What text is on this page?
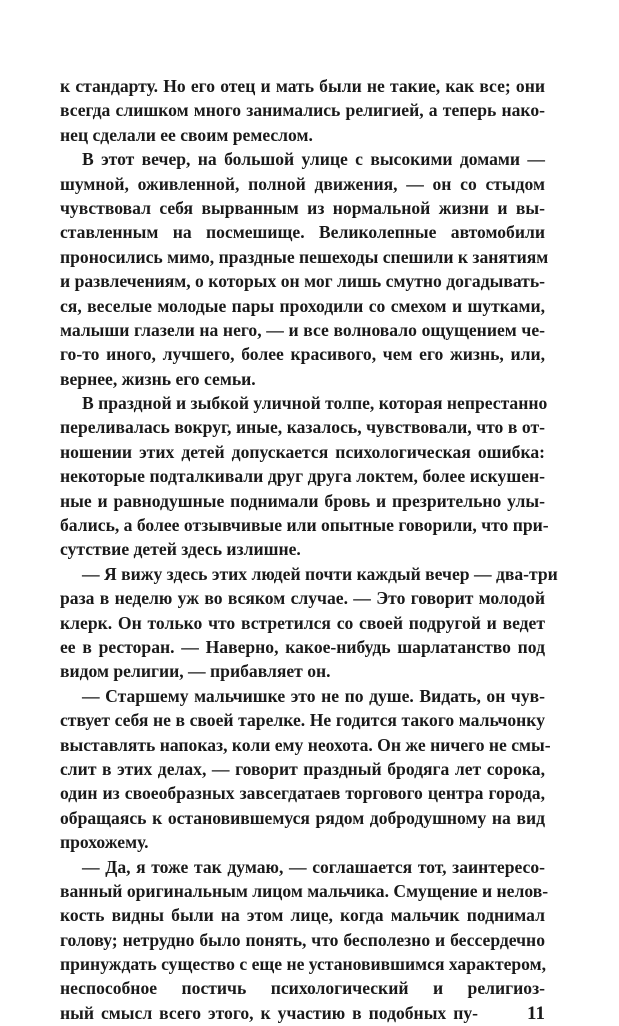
к стандарту. Но его отец и мать были не такие, как все; они
всегда слишком много занимались религией, а теперь нако-
нец сделали ее своим ремеслом.
В этот вечер, на большой улице с высокими домами —
шумной, оживленной, полной движения, — он со стыдом
чувствовал себя вырванным из нормальной жизни и вы-
ставленным на посмешище. Великолепные автомобили
проносились мимо, праздные пешеходы спешили к занятиям
и развлечениям, о которых он мог лишь смутно догадывать-
ся, веселые молодые пары проходили со смехом и шутками,
малыши глазели на него, — и все волновало ощущением че-
го-то иного, лучшего, более красивого, чем его жизнь, или,
вернее, жизнь его семьи.
В праздной и зыбкой уличной толпе, которая непрестанно
переливалась вокруг, иные, казалось, чувствовали, что в от-
ношении этих детей допускается психологическая ошибка:
некоторые подталкивали друг друга локтем, более искушен-
ные и равнодушные поднимали бровь и презрительно улы-
бались, а более отзывчивые или опытные говорили, что при-
сутствие детей здесь излишне.
— Я вижу здесь этих людей почти каждый вечер — два-три
раза в неделю уж во всяком случае. — Это говорит молодой
клерк. Он только что встретился со своей подругой и ведет
ее в ресторан. — Наверно, какое-нибудь шарлатанство под
видом религии, — прибавляет он.
— Старшему мальчишке это не по душе. Видать, он чув-
ствует себя не в своей тарелке. Не годится такого мальчонку
выставлять напоказ, коли ему неохота. Он же ничего не смы-
слит в этих делах, — говорит праздный бродяга лет сорока,
один из своеобразных завсегдатаев торгового центра города,
обращаясь к остановившемуся рядом добродушному на вид
прохожему.
— Да, я тоже так думаю, — соглашается тот, заинтересо-
ванный оригинальным лицом мальчика. Смущение и нелов-
кость видны были на этом лице, когда мальчик поднимал
голову; нетрудно было понять, что бесполезно и бессердечно
принуждать существо с еще не установившимся характером,
неспособное постичь психологический и религиоз-
ный смысл всего этого, к участию в подобных пу-	11
